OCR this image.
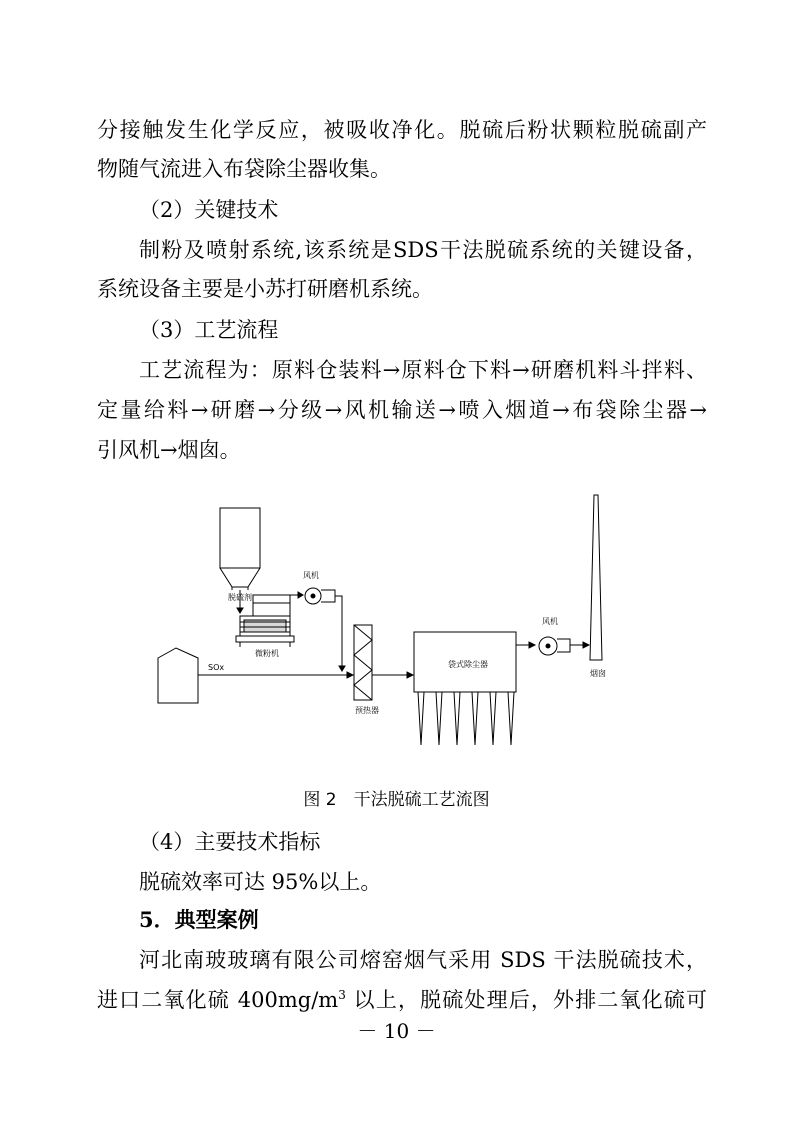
分接触发生化学反应，被吸收净化。脱硫后粉状颗粒脱硫副产
物随气流进入布袋除尘器收集。
（2）关键技术
制粉及喷射系统,该系统是SDS干法脱硫系统的关键设备，
系统设备主要是小苏打研磨机系统。
（3）工艺流程
工艺流程为：原料仓装料→原料仓下料→研磨机料斗拌料、
定量给料→研磨→分级→风机输送→喷入烟道→布袋除尘器→
引风机→烟囱。
脱硫剂
风机
微粉机
SOx
预热器
袋式除尘器
风机
烟囱
图 2　干法脱硫工艺流图
（4）主要技术指标
脱硫效率可达 95%以上。
5．典型案例
河北南玻玻璃有限公司熔窑烟气采用 SDS 干法脱硫技术，
进口二氧化硫 $400mg/m^3$ 以上，脱硫处理后，外排二氧化硫可
－ 10 －
